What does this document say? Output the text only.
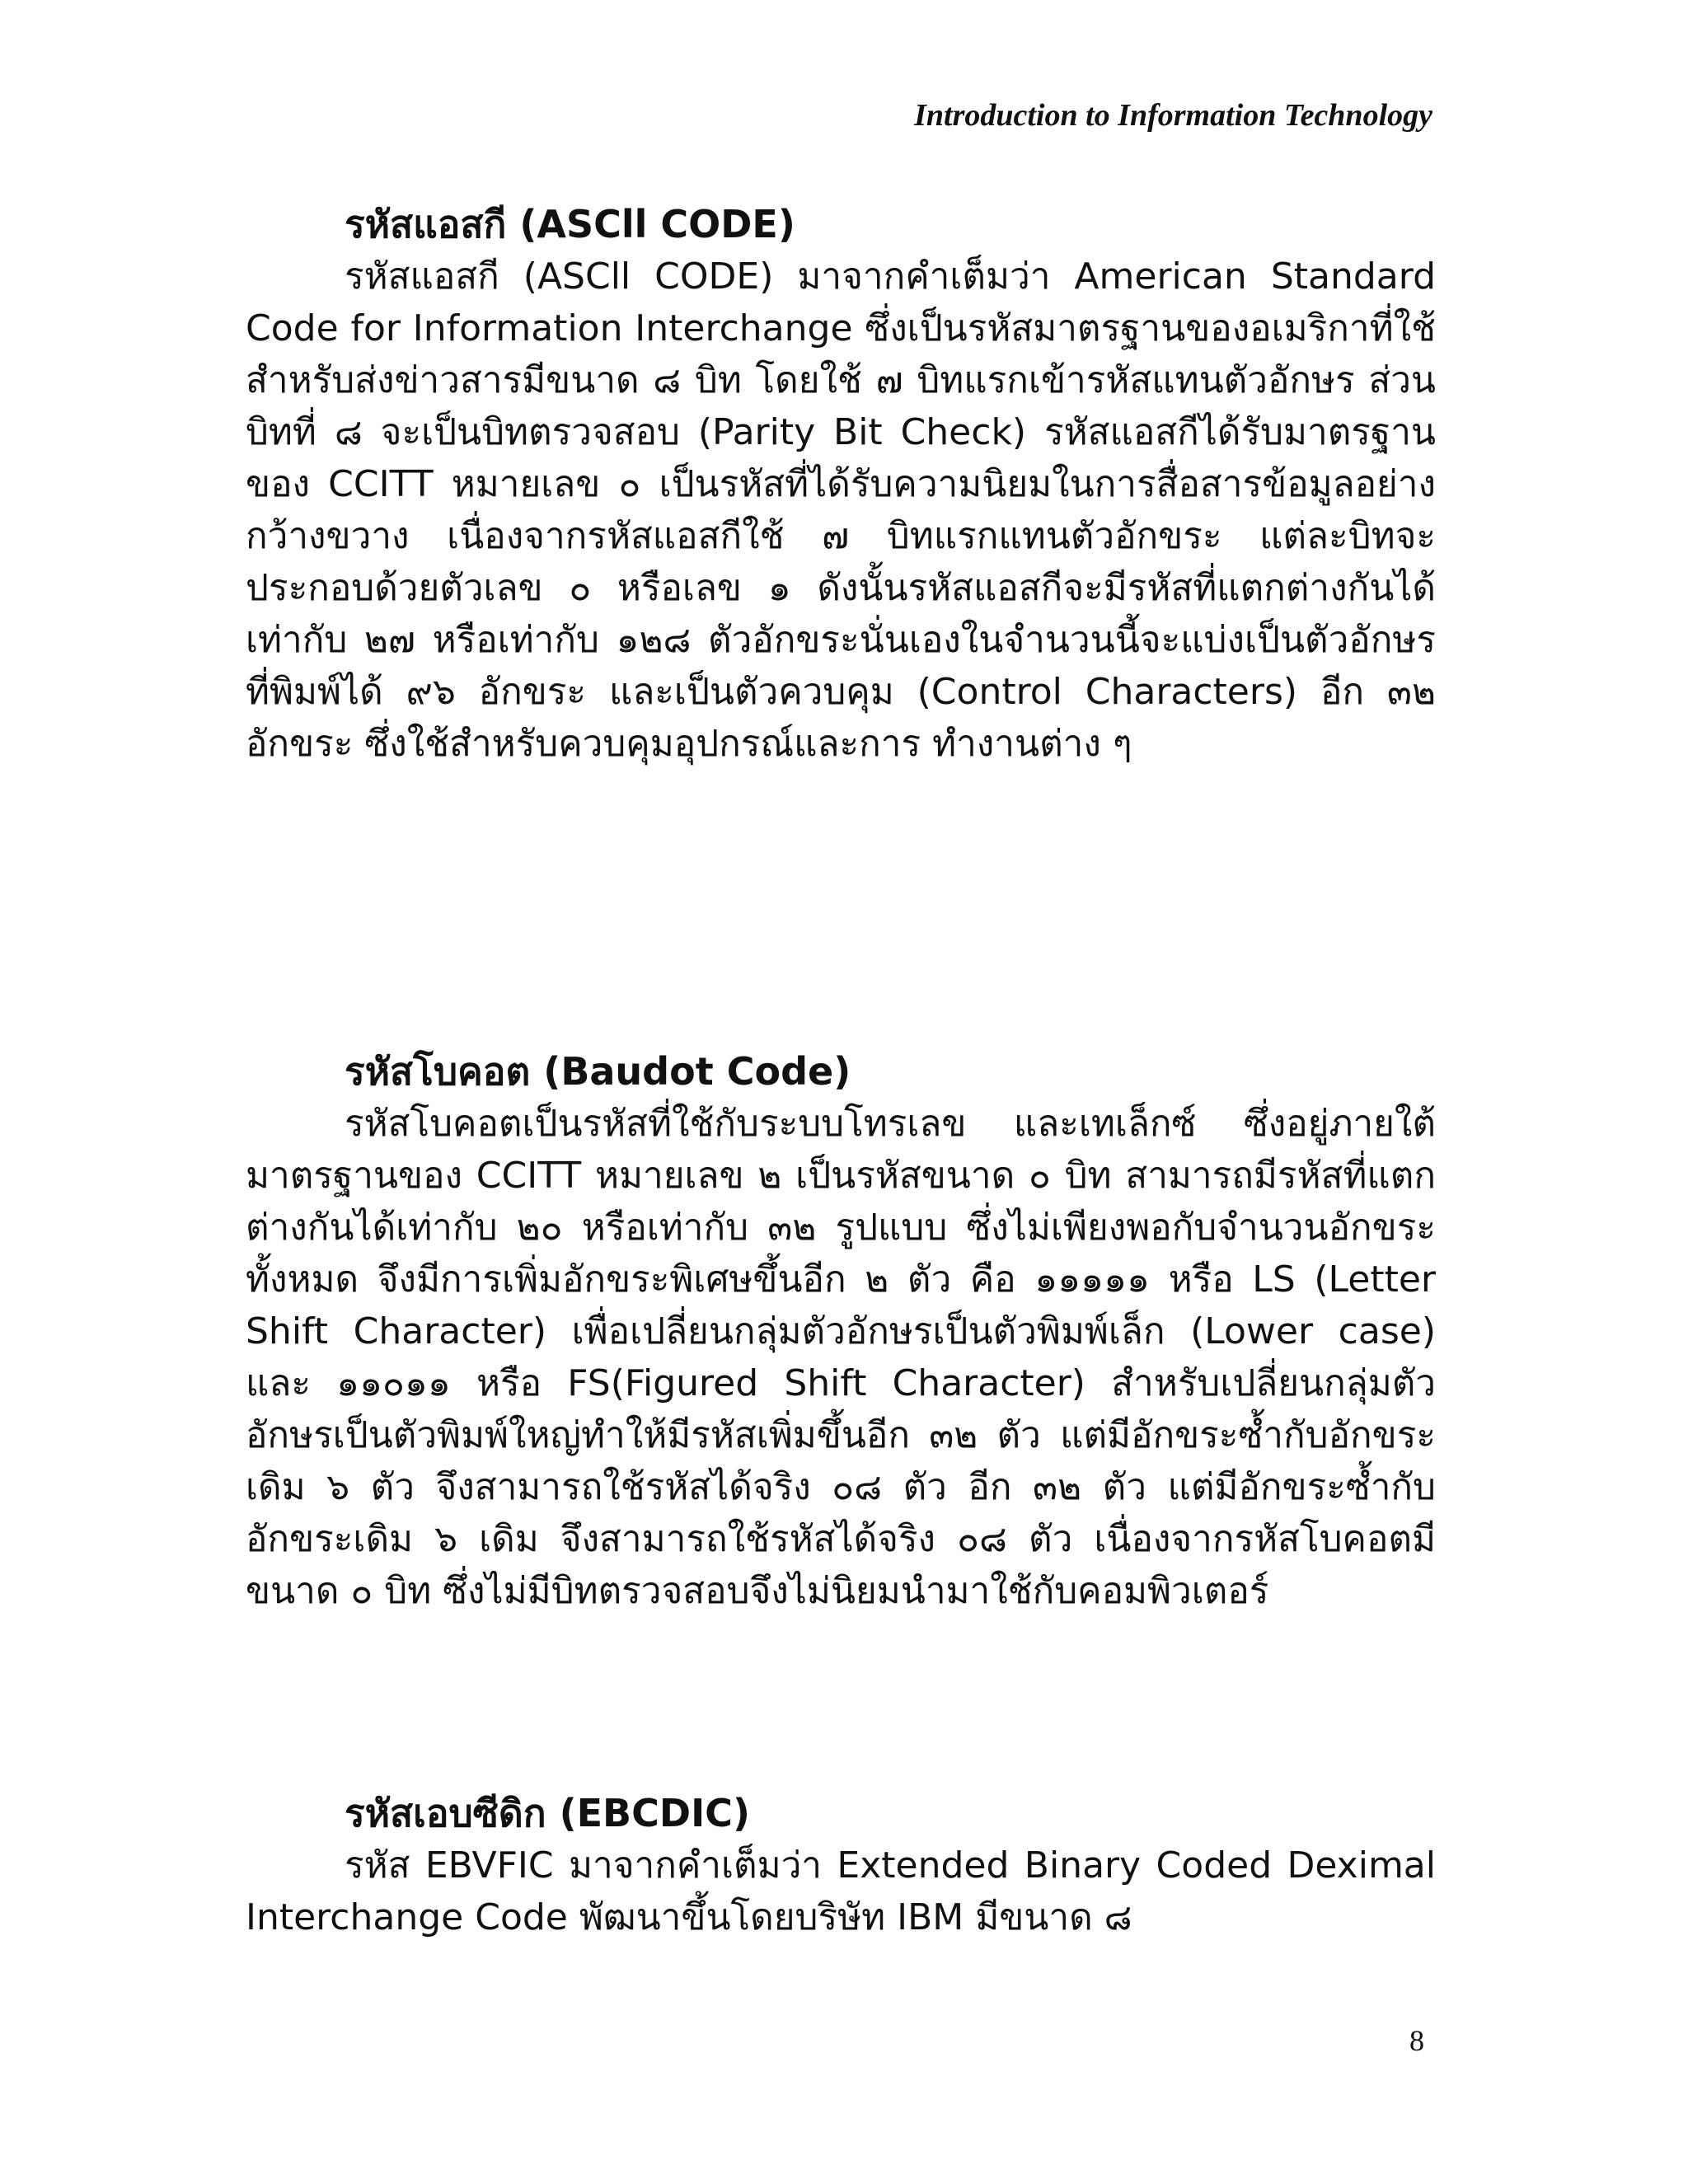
Introduction to Information Technology
รหัสแอสกี (ASCll CODE)

รหัสแอสกี (ASCll CODE) มาจากคำเต็มว่า American Standard Code for Information Interchange ซึ่งเป็นรหัสมาตรฐานของอเมริกาที่ใช้สำหรับส่งข่าวสารมีขนาด ๘ บิท โดยใช้ ๗ บิทแรกเข้ารหัสแทนตัวอักษร ส่วนบิทที่ ๘ จะเป็นบิทตรวจสอบ (Parity Bit Check) รหัสแอสกีได้รับมาตรฐานของ CCITT หมายเลข ๐ เป็นรหัสที่ได้รับความนิยมในการสื่อสารข้อมูลอย่างกว้างขวาง เนื่องจากรหัสแอสกีใช้ ๗ บิทแรกแทนตัวอักขระ แต่ละบิทจะประกอบด้วยตัวเลข ๐ หรือเลข ๑ ดังนั้นรหัสแอสกีจะมีรหัสที่แตกต่างกันได้เท่ากับ ๒๗ หรือเท่ากับ ๑๒๘ ตัวอักขระนั่นเองในจำนวนนี้จะแบ่งเป็นตัวอักษรที่พิมพ์ได้ ๙๖ อักขระ และเป็นตัวควบคุม (Control Characters) อีก ๓๒ อักขระ ซึ่งใช้สำหรับควบคุมอุปกรณ์และการ ทำงานต่าง ๆ

รหัสโบคอต (Baudot Code)

รหัสโบคอตเป็นรหัสที่ใช้กับระบบโทรเลข และเทเล็กซ์ ซึ่งอยู่ภายใต้มาตรฐานของ CCITT หมายเลข ๒ เป็นรหัสขนาด ๐ บิท สามารถมีรหัสที่แตกต่างกันได้เท่ากับ ๒๐ หรือเท่ากับ ๓๒ รูปแบบ ซึ่งไม่เพียงพอกับจำนวนอักขระทั้งหมด จึงมีการเพิ่มอักขระพิเศษขึ้นอีก ๒ ตัว คือ ๑๑๑๑๑ หรือ LS (Letter Shift Character) เพื่อเปลี่ยนกลุ่มตัวอักษรเป็นตัวพิมพ์เล็ก (Lower case) และ ๑๑๐๑๑ หรือ FS(Figured Shift Character) สำหรับเปลี่ยนกลุ่มตัวอักษรเป็นตัวพิมพ์ใหญ่ทำให้มีรหัสเพิ่มขึ้นอีก ๓๒ ตัว แต่มีอักขระซ้ำกับอักขระเดิม ๖ ตัว จึงสามารถใช้รหัสได้จริง ๐๘ ตัว อีก ๓๒ ตัว แต่มีอักขระซ้ำกับอักขระเดิม ๖ เดิม จึงสามารถใช้รหัสได้จริง ๐๘ ตัว เนื่องจากรหัสโบคอตมีขนาด ๐ บิท ซึ่งไม่มีบิทตรวจสอบจึงไม่นิยมนำมาใช้กับคอมพิวเตอร์

รหัสเอบซีดิก (EBCDIC)

รหัส EBVFIC มาจากคำเต็มว่า Extended Binary Coded Deximal Interchange Code พัฒนาขึ้นโดยบริษัท IBM มีขนาด ๘

8
